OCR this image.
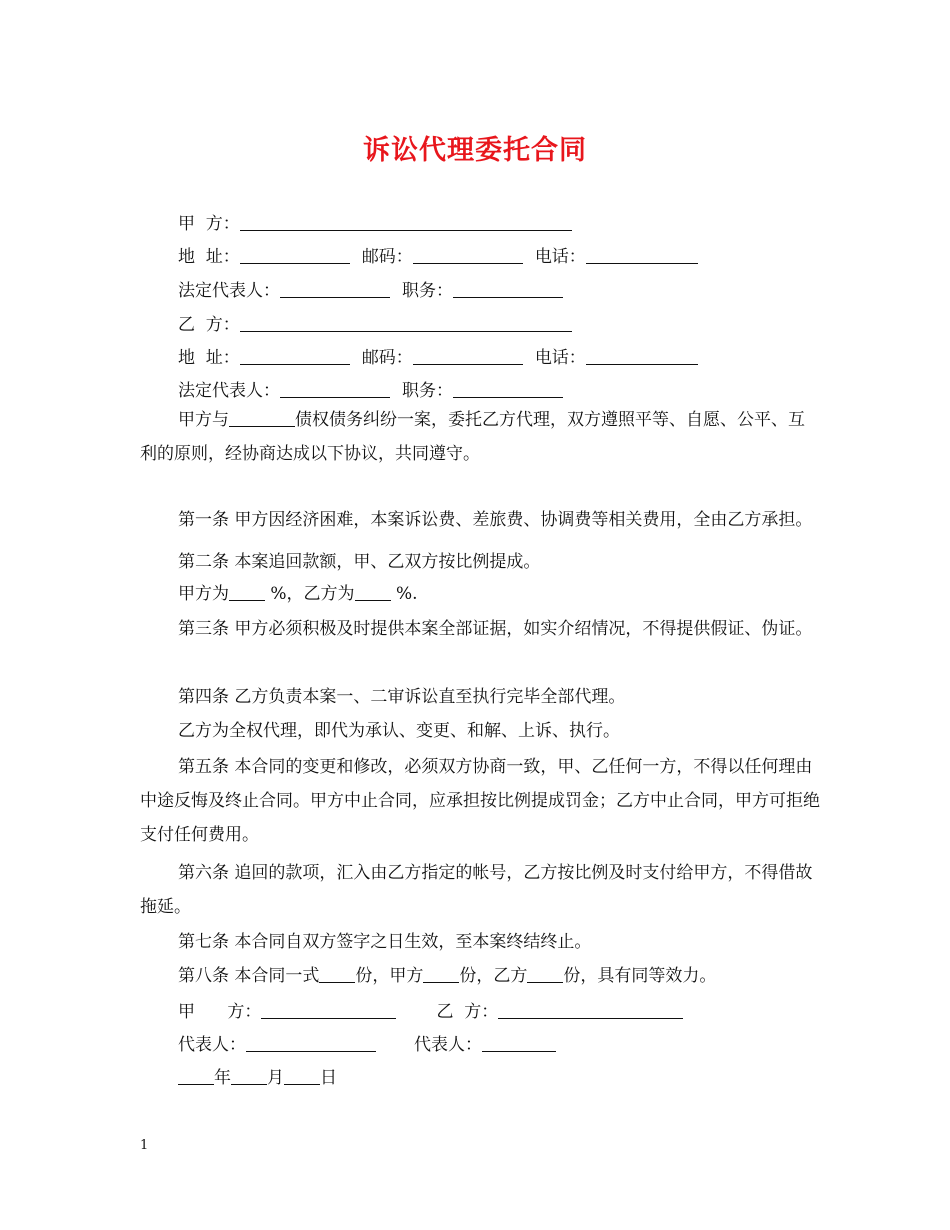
诉讼代理委托合同
甲  方：
地  址：	邮码：	电话：
法定代表人：	职务：
乙  方：
地  址：	邮码：	电话：
法定代表人：	职务：
甲方与	债权债务纠纷一案，委托乙方代理，双方遵照平等、自愿、公平、互利的原则，经协商达成以下协议，共同遵守。
第一条 甲方因经济困难，本案诉讼费、差旅费、协调费等相关费用，全由乙方承担。
第二条 本案追回款额，甲、乙双方按比例提成。
甲方为 %，乙方为 %.
第三条 甲方必须积极及时提供本案全部证据，如实介绍情况，不得提供假证、伪证。
第四条 乙方负责本案一、二审诉讼直至执行完毕全部代理。
乙方为全权代理，即代为承认、变更、和解、上诉、执行。
第五条 本合同的变更和修改，必须双方协商一致，甲、乙任何一方，不得以任何理由中途反悔及终止合同。甲方中止合同，应承担按比例提成罚金；乙方中止合同，甲方可拒绝支付任何费用。
第六条 追回的款项，汇入由乙方指定的帐号，乙方按比例及时支付给甲方，不得借故拖延。
第七条 本合同自双方签字之日生效，至本案终结终止。
第八条 本合同一式 份，甲方 份，乙方 份，具有同等效力。
甲      方：	乙  方：
代表人：	代表人：
年 月 日
1
